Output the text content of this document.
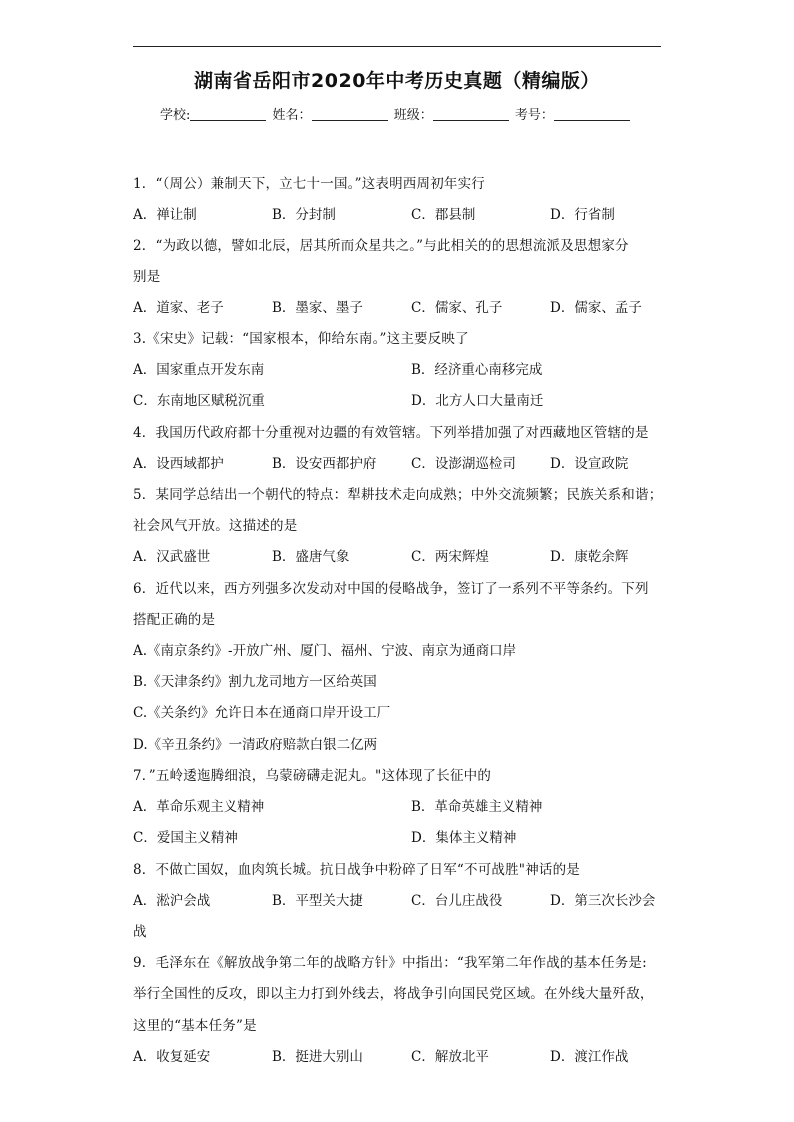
湖南省岳阳市2020年中考历史真题（精编版）
学校:	姓名：	班级：	考号：
1．“（周公）兼制天下，立七十一国。”这表明西周初年实行
A．禅让制	B．分封制	C．郡县制	D．行省制
2．“为政以德，譬如北辰，居其所而众星共之。”与此相关的的思想流派及思想家分
别是
A．道家、老子	B．墨家、墨子	C．儒家、孔子	D．儒家、孟子
3.《宋史》记载：“国家根本，仰给东南。”这主要反映了
A．国家重点开发东南	B．经济重心南移完成
C．东南地区赋税沉重	D．北方人口大量南迁
4．我国历代政府都十分重视对边疆的有效管辖。下列举措加强了对西藏地区管辖的是
A．设西域都护	B．设安西都护府	C．设澎湖巡检司	D．设宣政院
5．某同学总结出一个朝代的特点：犁耕技术走向成熟；中外交流频繁；民族关系和谐；
社会风气开放。这描述的是
A．汉武盛世	B．盛唐气象	C．两宋辉煌	D．康乾余辉
6．近代以来，西方列强多次发动对中国的侵略战争，签订了一系列不平等条约。下列
搭配正确的是
A.《南京条约》-开放广州、厦门、福州、宁波、南京为通商口岸
B.《天津条约》割九龙司地方一区给英国
C.《关条约》允许日本在通商口岸开设工厂
D.《辛丑条约》一清政府赔款白银二亿两
7．”五岭逶迤腾细浪，乌蒙磅礴走泥丸。"这体现了长征中的
A．革命乐观主义精神	B．革命英雄主义精神
C．爱国主义精神	D．集体主义精神
8．不做亡国奴，血肉筑长城。抗日战争中粉碎了日军“不可战胜"神话的是
A．淞沪会战	B．平型关大捷	C．台儿庄战役	D．第三次长沙会
战
9．毛泽东在《解放战争第二年的战略方针》中指出：“我军第二年作战的基本任务是:
举行全国性的反攻，即以主力打到外线去，将战争引向国民党区域。在外线大量歼敌，
这里的“基本任务”是
A．收复延安	B．挺进大别山	C．解放北平	D．渡江作战
